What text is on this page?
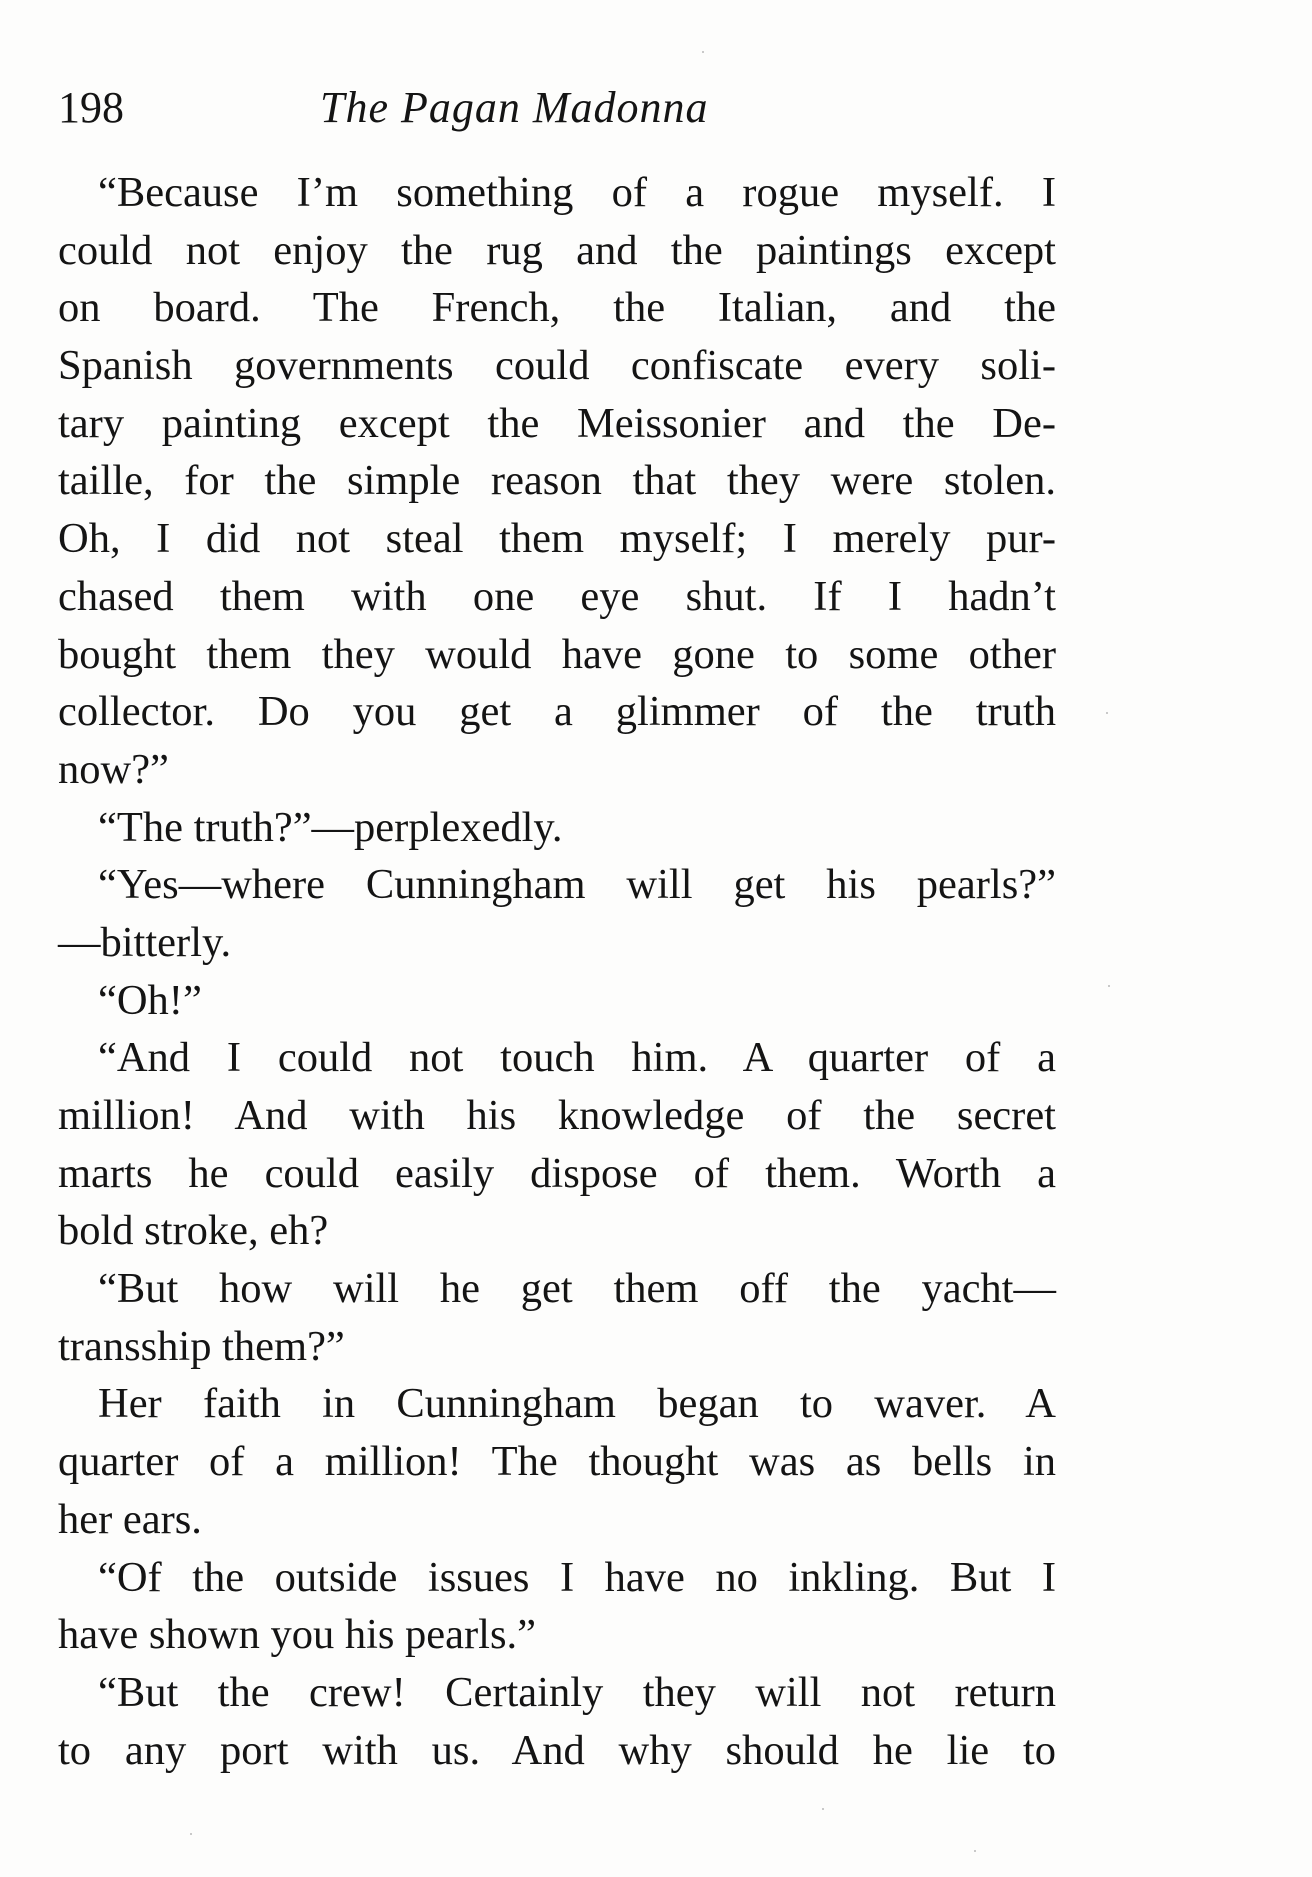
198	The Pagan Madonna
“Because I’m something of a rogue myself. I
could not enjoy the rug and the paintings except
on board. The French, the Italian, and the
Spanish governments could confiscate every soli-
tary painting except the Meissonier and the De-
taille, for the simple reason that they were stolen.
Oh, I did not steal them myself; I merely pur-
chased them with one eye shut. If I hadn’t
bought them they would have gone to some other
collector. Do you get a glimmer of the truth
now?”
“The truth?”—perplexedly.
“Yes—where Cunningham will get his pearls?”
—bitterly.
“Oh!”
“And I could not touch him. A quarter of a
million! And with his knowledge of the secret
marts he could easily dispose of them. Worth a
bold stroke, eh?
“But how will he get them off the yacht—
transship them?”
Her faith in Cunningham began to waver. A
quarter of a million! The thought was as bells in
her ears.
“Of the outside issues I have no inkling. But I
have shown you his pearls.”
“But the crew! Certainly they will not return
to any port with us. And why should he lie to
